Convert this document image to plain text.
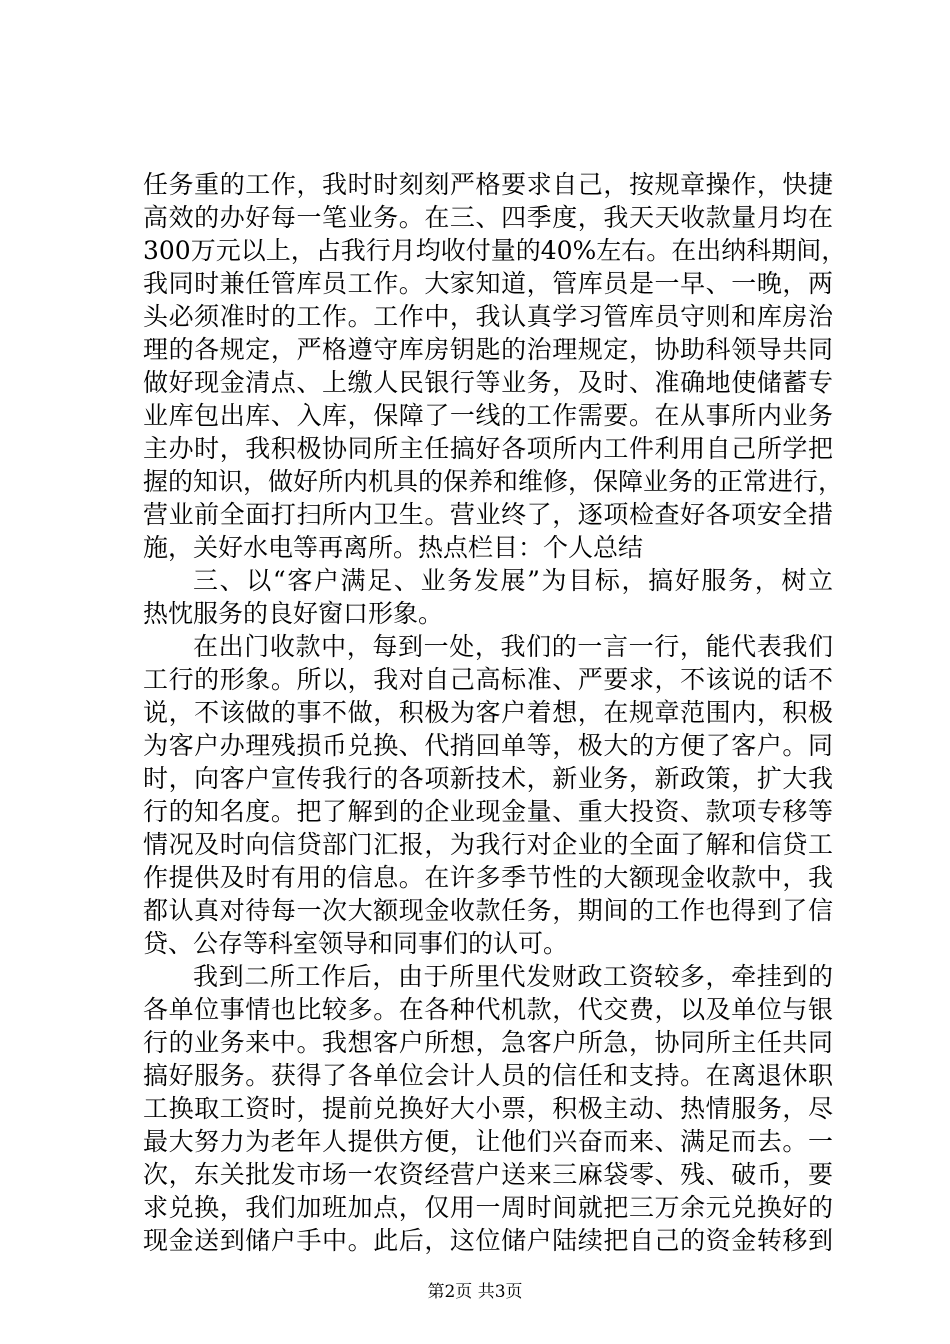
任务重的工作，我时时刻刻严格要求自己，按规章操作，快捷
高效的办好每一笔业务。在三、四季度，我天天收款量月均在
300万元以上，占我行月均收付量的40%左右。在出纳科期间，
我同时兼任管库员工作。大家知道，管库员是一早、一晚，两
头必须准时的工作。工作中，我认真学习管库员守则和库房治
理的各规定，严格遵守库房钥匙的治理规定，协助科领导共同
做好现金清点、上缴人民银行等业务，及时、准确地使储蓄专
业库包出库、入库，保障了一线的工作需要。在从事所内业务
主办时，我积极协同所主任搞好各项所内工件利用自己所学把
握的知识，做好所内机具的保养和维修，保障业务的正常进行，
营业前全面打扫所内卫生。营业终了，逐项检查好各项安全措
施，关好水电等再离所。热点栏目：个人总结
三、以“客户满足、业务发展”为目标，搞好服务，树立
热忱服务的良好窗口形象。
在出门收款中，每到一处，我们的一言一行，能代表我们
工行的形象。所以，我对自己高标准、严要求，不该说的话不
说，不该做的事不做，积极为客户着想，在规章范围内，积极
为客户办理残损币兑换、代捎回单等，极大的方便了客户。同
时，向客户宣传我行的各项新技术，新业务，新政策，扩大我
行的知名度。把了解到的企业现金量、重大投资、款项专移等
情况及时向信贷部门汇报，为我行对企业的全面了解和信贷工
作提供及时有用的信息。在许多季节性的大额现金收款中，我
都认真对待每一次大额现金收款任务，期间的工作也得到了信
贷、公存等科室领导和同事们的认可。
我到二所工作后，由于所里代发财政工资较多，牵挂到的
各单位事情也比较多。在各种代机款，代交费，以及单位与银
行的业务来中。我想客户所想，急客户所急，协同所主任共同
搞好服务。获得了各单位会计人员的信任和支持。在离退休职
工换取工资时，提前兑换好大小票，积极主动、热情服务，尽
最大努力为老年人提供方便，让他们兴奋而来、满足而去。一
次，东关批发市场一农资经营户送来三麻袋零、残、破币，要
求兑换，我们加班加点，仅用一周时间就把三万余元兑换好的
现金送到储户手中。此后，这位储户陆续把自己的资金转移到
第2页 共3页
